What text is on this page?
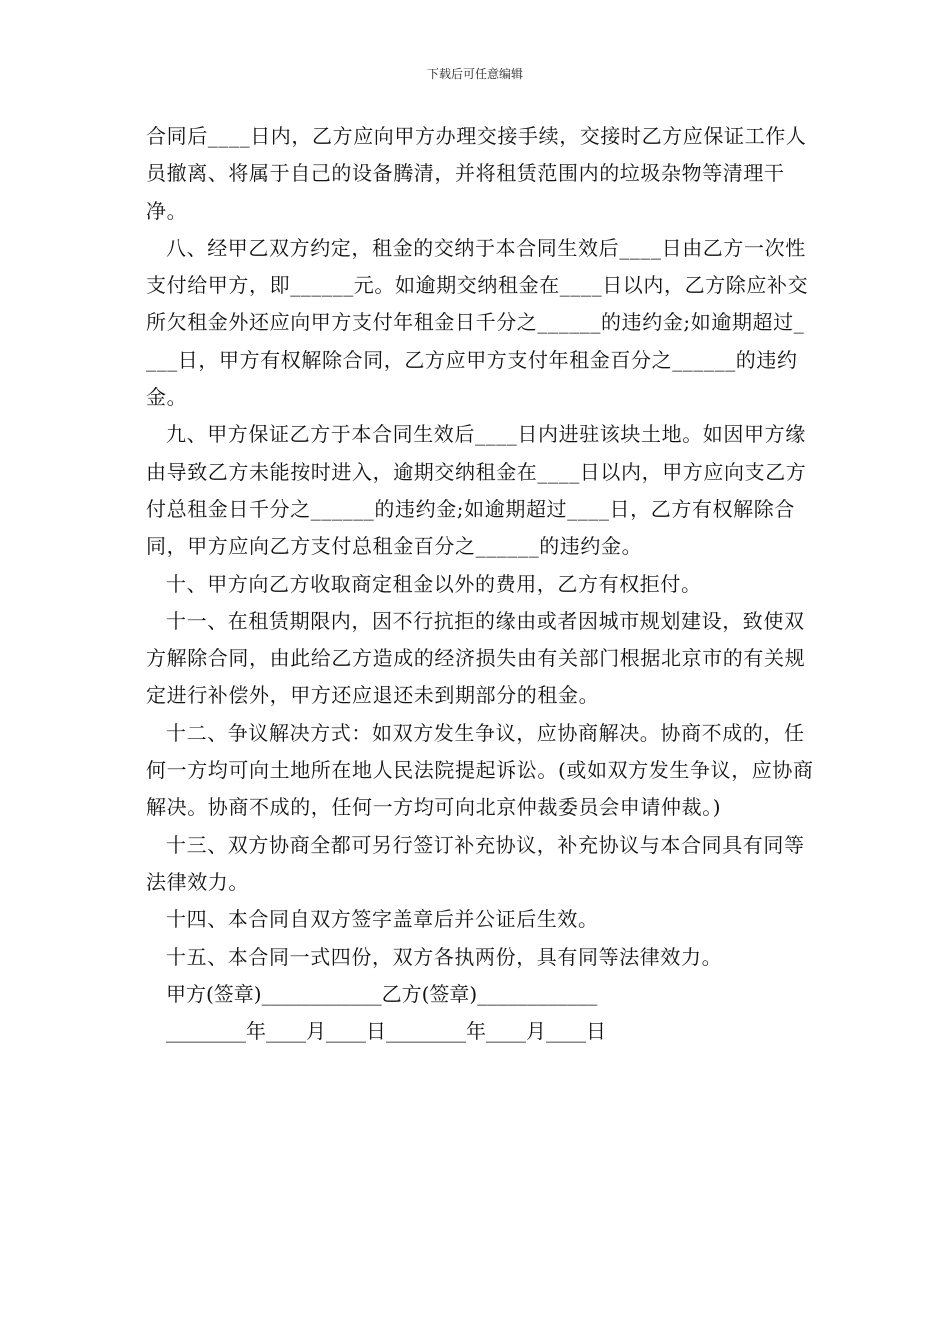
下载后可任意编辑

合同后____日内，乙方应向甲方办理交接手续，交接时乙方应保证工作人员撤离、将属于自己的设备腾清，并将租赁范围内的垃圾杂物等清理干净。

八、经甲乙双方约定，租金的交纳于本合同生效后____日由乙方一次性支付给甲方，即______元。如逾期交纳租金在____日以内，乙方除应补交所欠租金外还应向甲方支付年租金日千分之______的违约金;如逾期超过____日，甲方有权解除合同，乙方应甲方支付年租金百分之______的违约金。

九、甲方保证乙方于本合同生效后____日内进驻该块土地。如因甲方缘由导致乙方未能按时进入，逾期交纳租金在____日以内，甲方应向支乙方付总租金日千分之______的违约金;如逾期超过____日，乙方有权解除合同，甲方应向乙方支付总租金百分之______的违约金。

十、甲方向乙方收取商定租金以外的费用，乙方有权拒付。

十一、在租赁期限内，因不行抗拒的缘由或者因城市规划建设，致使双方解除合同，由此给乙方造成的经济损失由有关部门根据北京市的有关规定进行补偿外，甲方还应退还未到期部分的租金。

十二、争议解决方式：如双方发生争议，应协商解决。协商不成的，任何一方均可向土地所在地人民法院提起诉讼。(或如双方发生争议，应协商解决。协商不成的，任何一方均可向北京仲裁委员会申请仲裁。)

十三、双方协商全都可另行签订补充协议，补充协议与本合同具有同等法律效力。

十四、本合同自双方签字盖章后并公证后生效。

十五、本合同一式四份，双方各执两份，具有同等法律效力。

甲方(签章)____________乙方(签章)____________

________年____月____日________年____月____日
